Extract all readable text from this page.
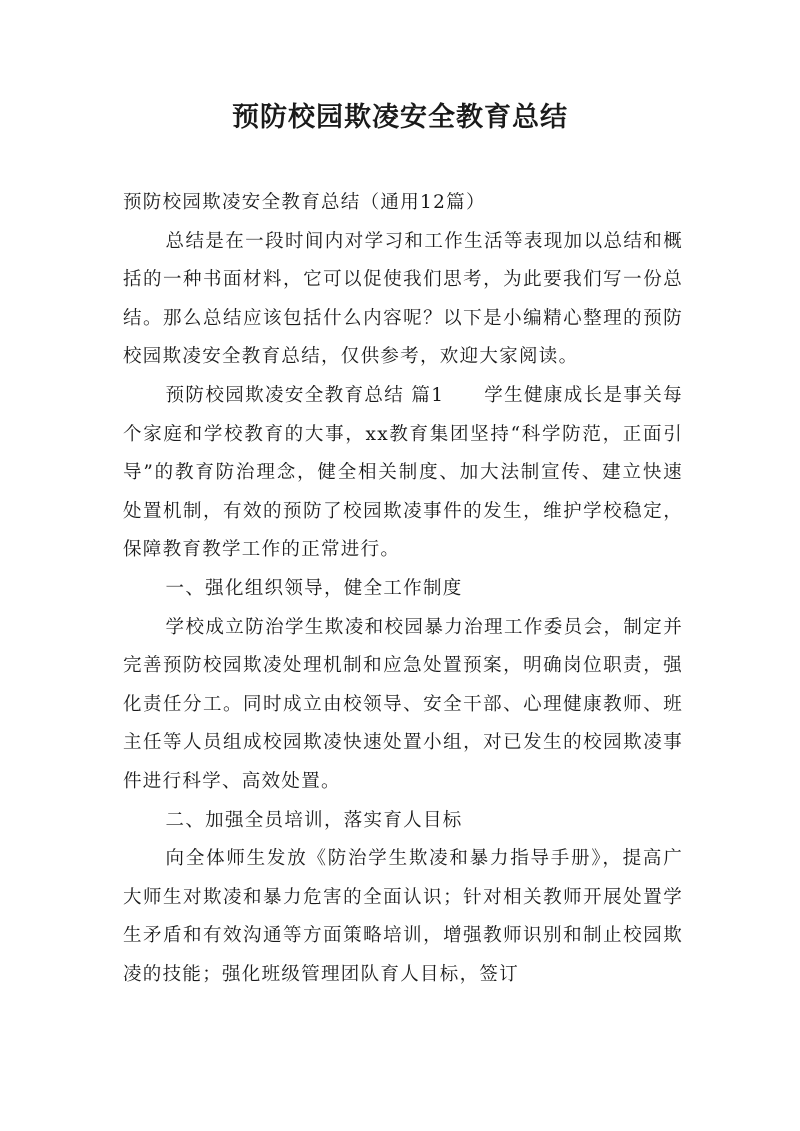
预防校园欺凌安全教育总结

预防校园欺凌安全教育总结（通用12篇）

总结是在一段时间内对学习和工作生活等表现加以总结和概括的一种书面材料，它可以促使我们思考，为此要我们写一份总结。那么总结应该包括什么内容呢？以下是小编精心整理的预防校园欺凌安全教育总结，仅供参考，欢迎大家阅读。

预防校园欺凌安全教育总结 篇1　　学生健康成长是事关每个家庭和学校教育的大事，xx教育集团坚持“科学防范，正面引导”的教育防治理念，健全相关制度、加大法制宣传、建立快速处置机制，有效的预防了校园欺凌事件的发生，维护学校稳定，保障教育教学工作的正常进行。

一、强化组织领导，健全工作制度

学校成立防治学生欺凌和校园暴力治理工作委员会，制定并完善预防校园欺凌处理机制和应急处置预案，明确岗位职责，强化责任分工。同时成立由校领导、安全干部、心理健康教师、班主任等人员组成校园欺凌快速处置小组，对已发生的校园欺凌事件进行科学、高效处置。

二、加强全员培训，落实育人目标

向全体师生发放《防治学生欺凌和暴力指导手册》，提高广大师生对欺凌和暴力危害的全面认识；针对相关教师开展处置学生矛盾和有效沟通等方面策略培训，增强教师识别和制止校园欺凌的技能；强化班级管理团队育人目标，签订
